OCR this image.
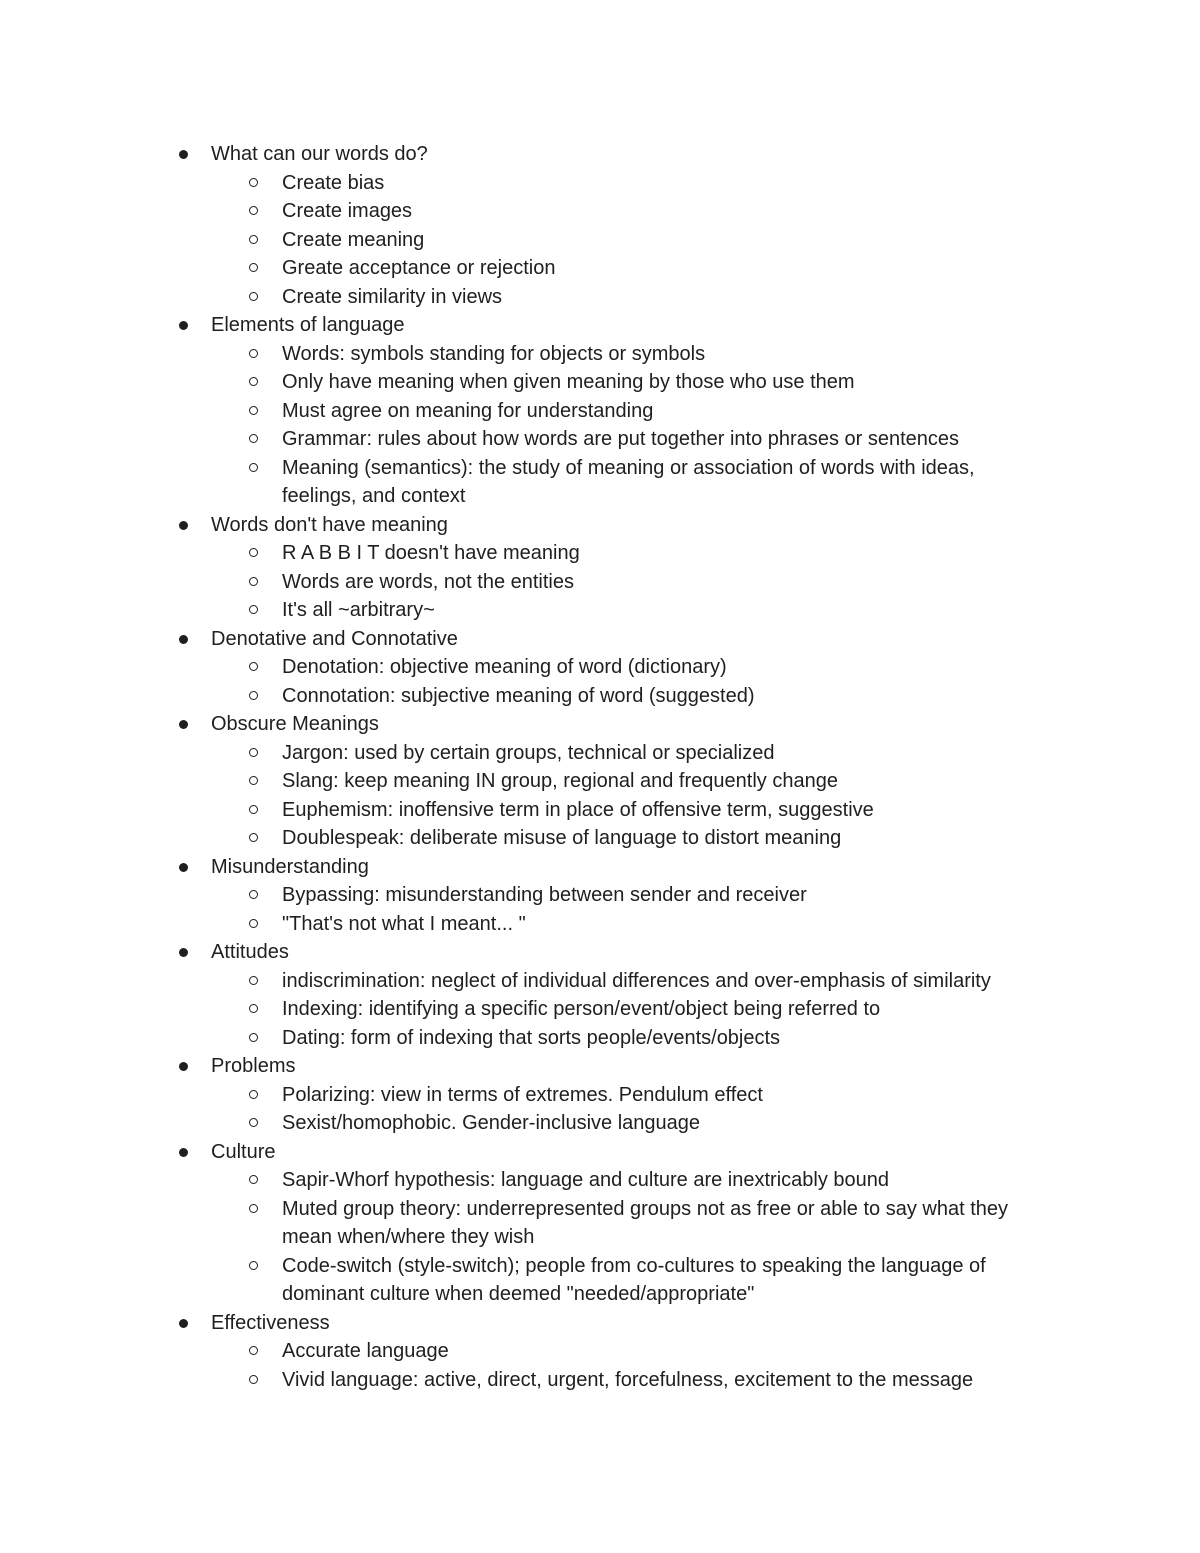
What can our words do?
Create bias
Create images
Create meaning
Greate acceptance or rejection
Create similarity in views
Elements of language
Words: symbols standing for objects or symbols
Only have meaning when given meaning by those who use them
Must agree on meaning for understanding
Grammar: rules about how words are put together into phrases or sentences
Meaning (semantics): the study of meaning or association of words with ideas, feelings, and context
Words don't have meaning
R A B B I T doesn't have meaning
Words are words, not the entities
It's all ~arbitrary~
Denotative and Connotative
Denotation: objective meaning of word (dictionary)
Connotation: subjective meaning of word (suggested)
Obscure Meanings
Jargon: used by certain groups, technical or specialized
Slang: keep meaning IN group, regional and frequently change
Euphemism: inoffensive term in place of offensive term, suggestive
Doublespeak: deliberate misuse of language to distort meaning
Misunderstanding
Bypassing: misunderstanding between sender and receiver
"That's not what I meant... "
Attitudes
indiscrimination: neglect of individual differences and over-emphasis of similarity
Indexing: identifying a specific person/event/object being referred to
Dating: form of indexing that sorts people/events/objects
Problems
Polarizing: view in terms of extremes. Pendulum effect
Sexist/homophobic. Gender-inclusive language
Culture
Sapir-Whorf hypothesis: language and culture are inextricably bound
Muted group theory: underrepresented groups not as free or able to say what they mean when/where they wish
Code-switch (style-switch); people from co-cultures to speaking the language of dominant culture when deemed "needed/appropriate"
Effectiveness
Accurate language
Vivid language: active, direct, urgent, forcefulness, excitement to the message
